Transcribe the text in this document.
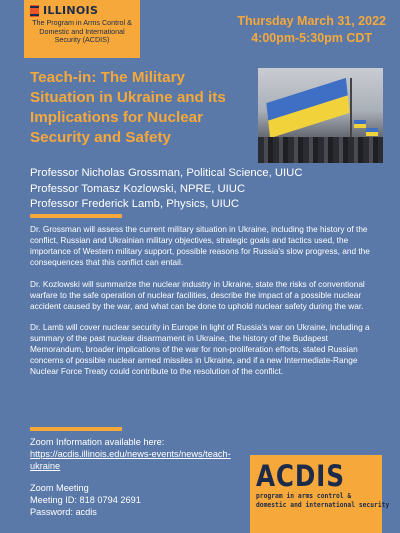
ILLINOIS
The Program in Arms Control & Domestic and International Security (ACDIS)
Thursday March 31, 2022
4:00pm-5:30pm CDT
Teach-in: The Military Situation in Ukraine and its Implications for Nuclear Security and Safety
Professor Nicholas Grossman, Political Science, UIUC
Professor Tomasz Kozlowski, NPRE, UIUC
Professor Frederick Lamb, Physics, UIUC

Dr. Grossman will assess the current military situation in Ukraine, including the history of the conflict, Russian and Ukrainian military objectives, strategic goals and tactics used, the importance of Western military support, possible reasons for Russia's slow progress, and the consequences that this conflict can entail.

Dr. Kozlowski will summarize the nuclear industry in Ukraine, state the risks of conventional warfare to the safe operation of nuclear facilities, describe the impact of a possible nuclear accident caused by the war, and what can be done to uphold nuclear safety during the war.

Dr. Lamb will cover nuclear security in Europe in light of Russia's war on Ukraine, including a summary of the past nuclear disarmament in Ukraine, the history of the Budapest Memorandum, broader implications of the war for non-proliferation efforts, stated Russian concerns of possible nuclear armed missiles in Ukraine, and if a new Intermediate-Range Nuclear Force Treaty could contribute to the resolution of the conflict.

Zoom Information available here:
https://acdis.illinois.edu/news-events/news/teach-ukraine
Zoom Meeting
Meeting ID: 818 0794 2691
Password: acdis
ACDIS
program in arms control &
domestic and international security
